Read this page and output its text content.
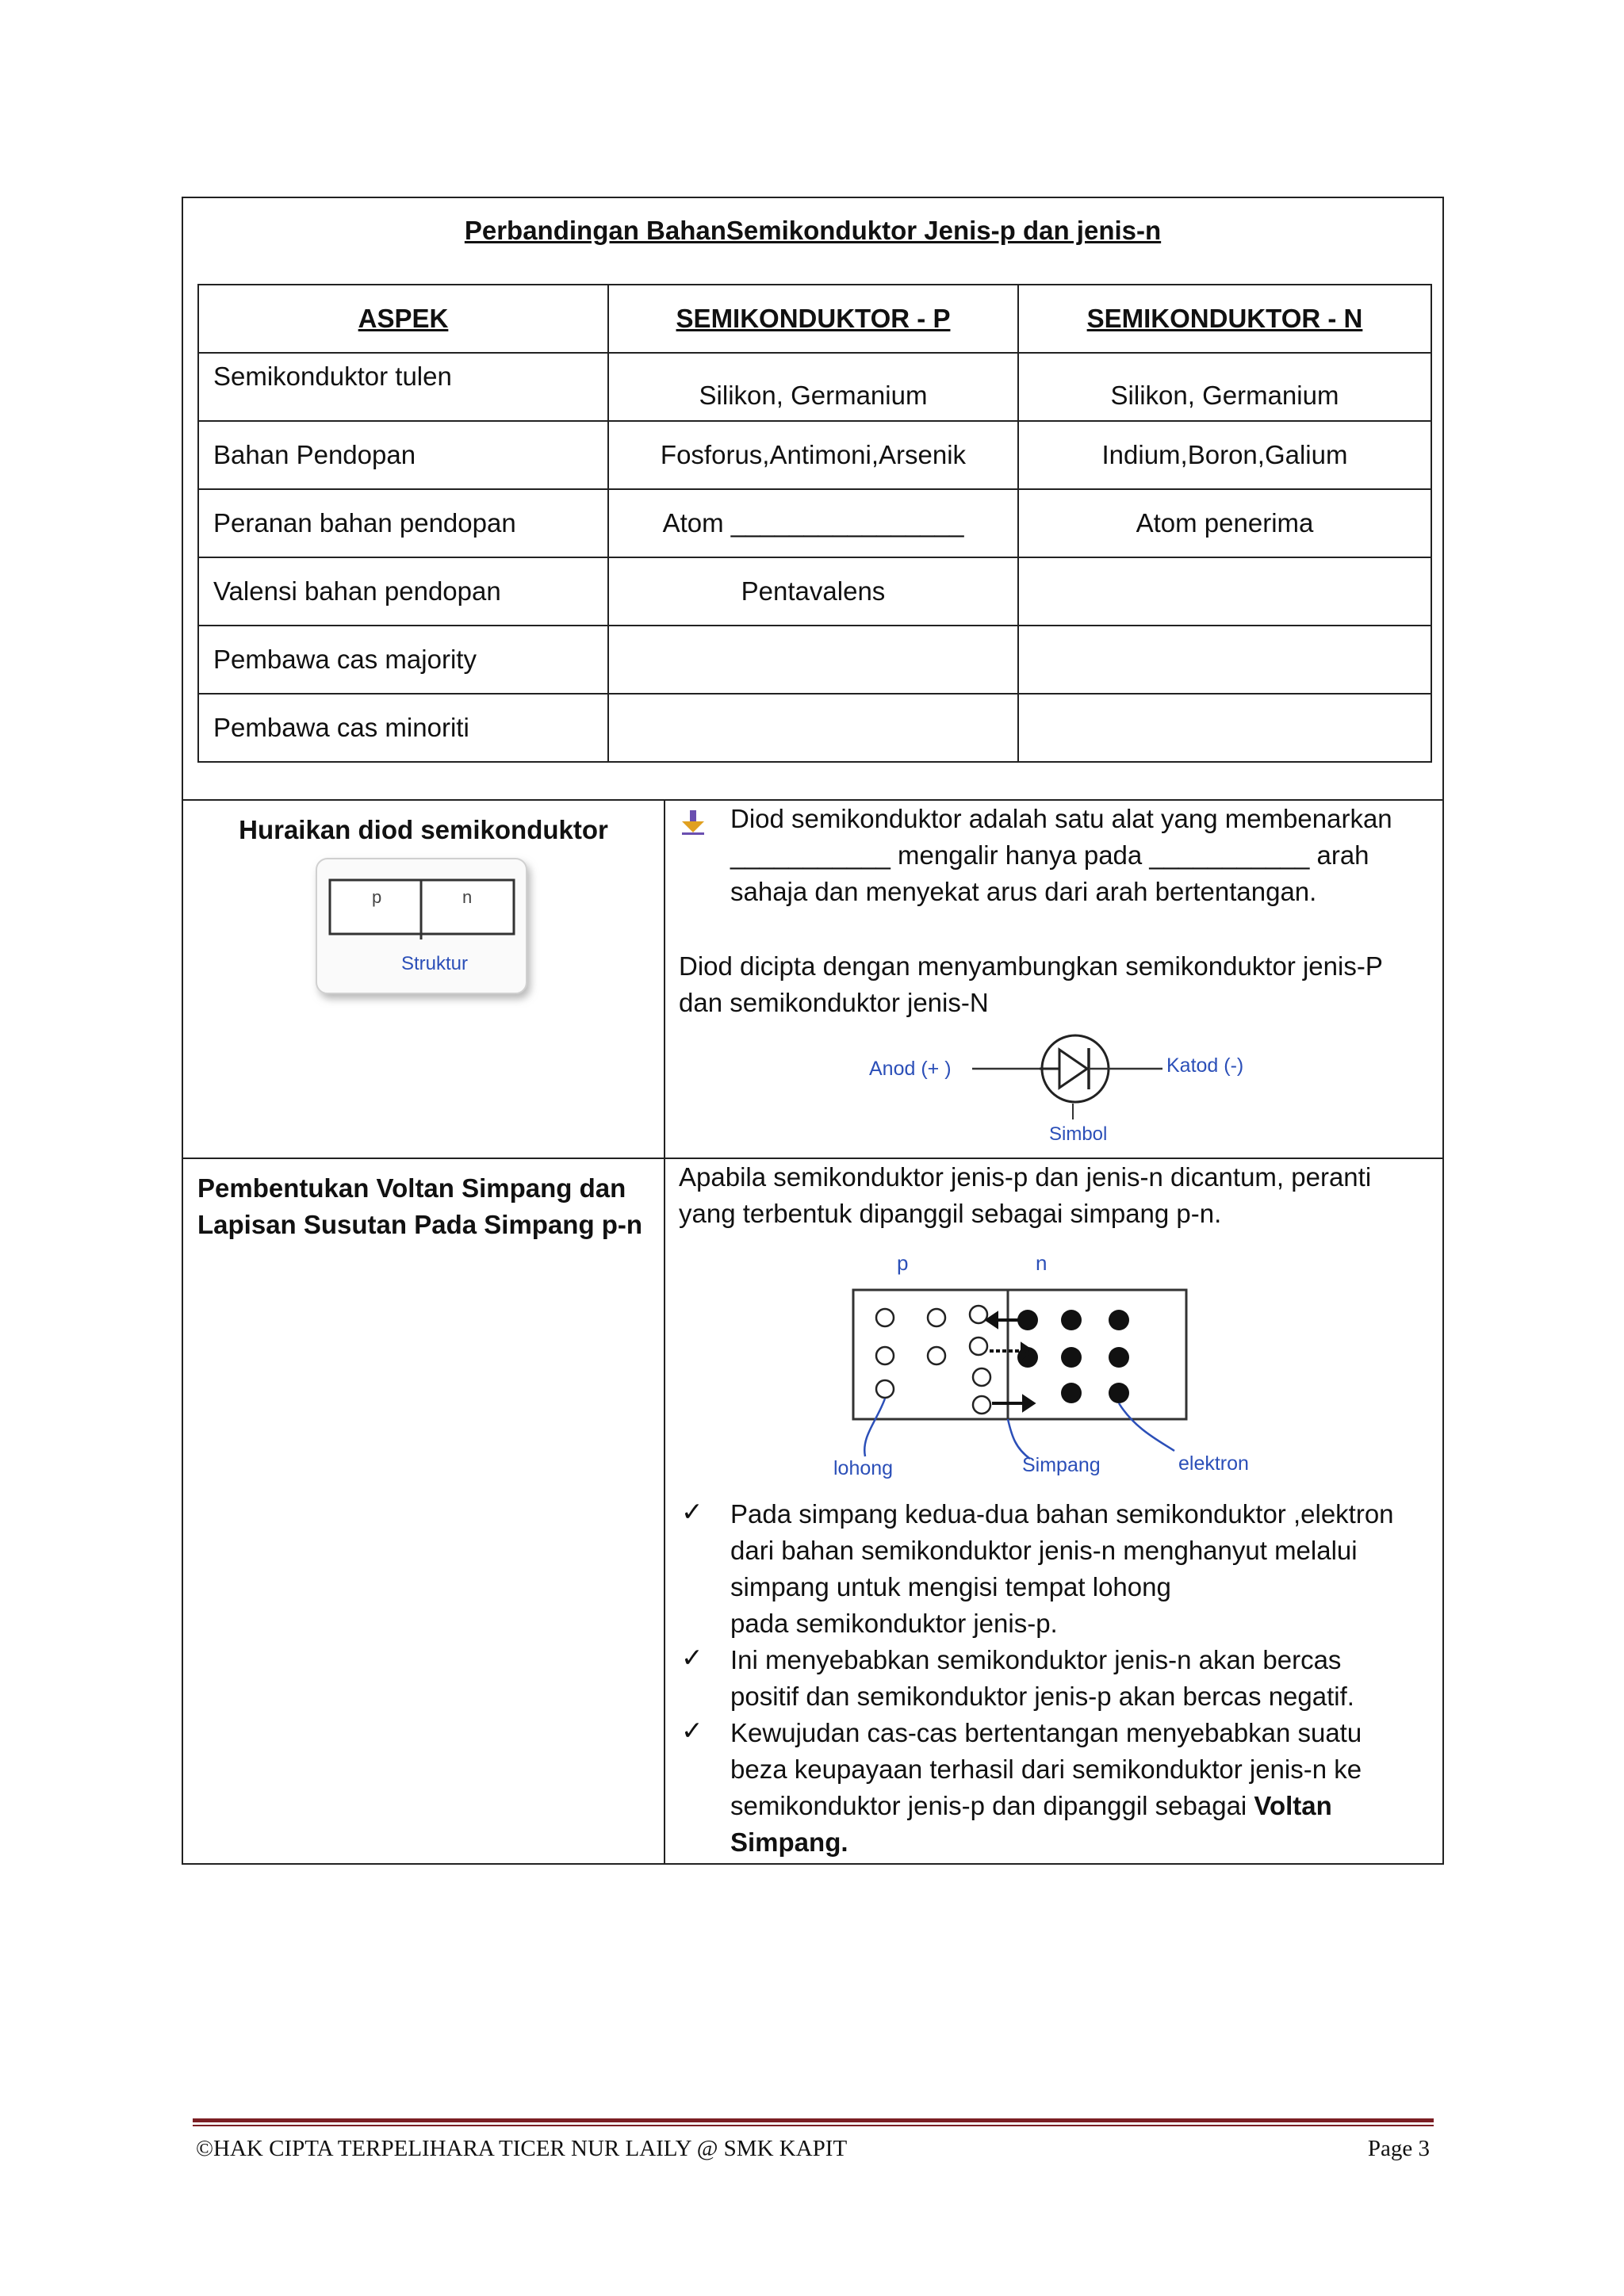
Perbandingan BahanSemikonduktor Jenis-p dan jenis-n
ASPEK	SEMIKONDUKTOR - P	SEMIKONDUKTOR - N
Semikonduktor tulen	Silikon, Germanium	Silikon, Germanium
Bahan Pendopan	Fosforus,Antimoni,Arsenik	Indium,Boron,Galium
Peranan bahan pendopan	Atom ________________	Atom penerima
Valensi bahan pendopan	Pentavalens	
Pembawa cas majority		
Pembawa cas minoriti		
Huraikan diod semikonduktor
p	n
Struktur
Diod semikonduktor adalah satu alat yang membenarkan
___________ mengalir hanya pada ___________ arah
sahaja dan menyekat arus dari arah bertentangan.
Diod dicipta dengan menyambungkan semikonduktor jenis-P
dan semikonduktor jenis-N
Anod (+ )	Katod (-)
Simbol
Pembentukan Voltan Simpang dan
Lapisan Susutan Pada Simpang p-n
Apabila semikonduktor jenis-p dan jenis-n dicantum, peranti
yang terbentuk dipanggil sebagai simpang p-n.
p	n
lohong	Simpang	elektron
✓ Pada simpang kedua-dua bahan semikonduktor ,elektron
dari bahan semikonduktor jenis-n menghanyut melalui
simpang untuk mengisi tempat lohong
pada semikonduktor jenis-p.
✓ Ini menyebabkan semikonduktor jenis-n akan bercas
positif dan semikonduktor jenis-p akan bercas negatif.
✓ Kewujudan cas-cas bertentangan menyebabkan suatu
beza keupayaan terhasil dari semikonduktor jenis-n ke
semikonduktor jenis-p dan dipanggil sebagai Voltan
Simpang.
©HAK CIPTA TERPELIHARA TICER NUR LAILY @ SMK KAPIT	Page 3
